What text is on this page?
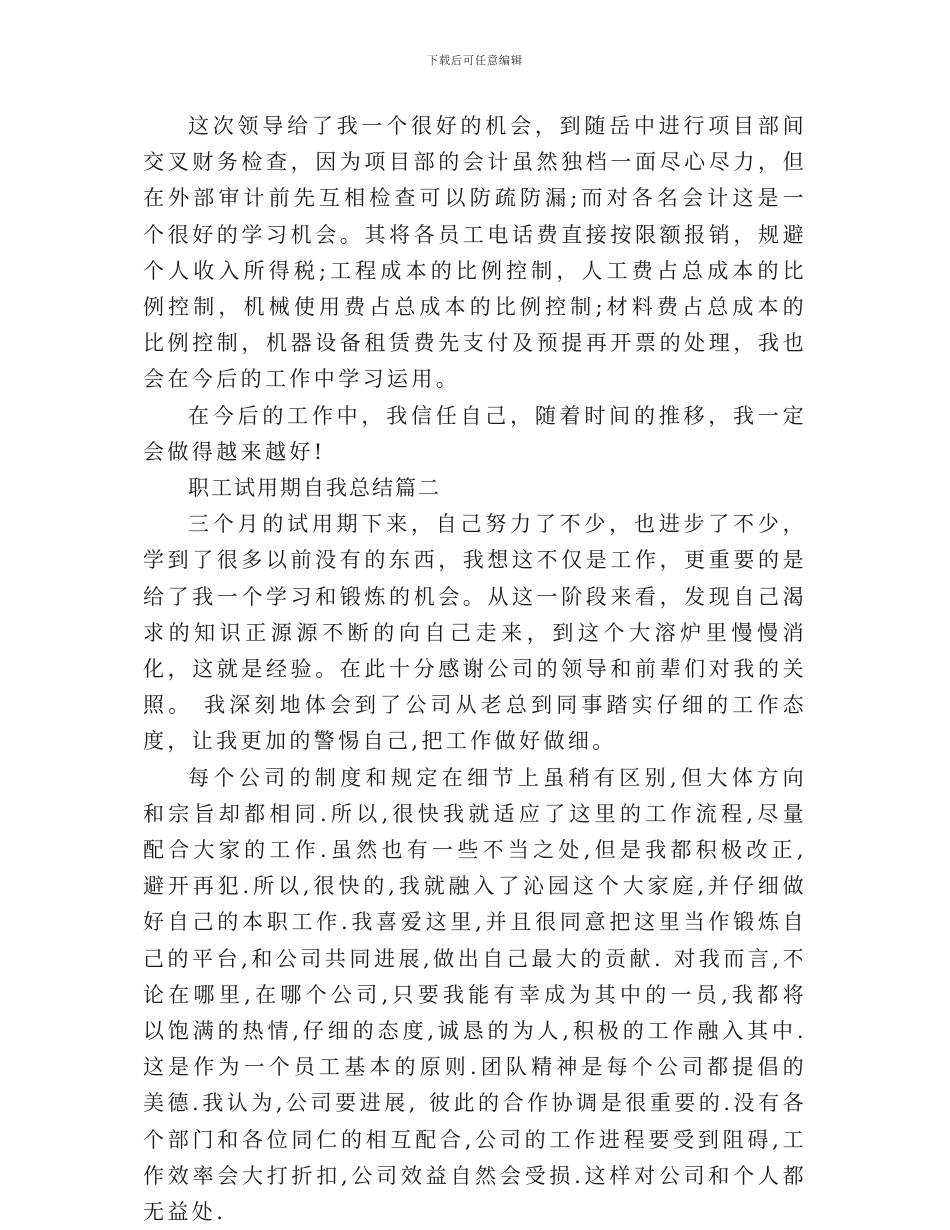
下载后可任意编辑

这次领导给了我一个很好的机会，到随岳中进行项目部间交叉财务检查，因为项目部的会计虽然独档一面尽心尽力，但在外部审计前先互相检查可以防疏防漏;而对各名会计这是一个很好的学习机会。其将各员工电话费直接按限额报销，规避个人收入所得税;工程成本的比例控制，人工费占总成本的比例控制，机械使用费占总成本的比例控制;材料费占总成本的比例控制，机器设备租赁费先支付及预提再开票的处理，我也会在今后的工作中学习运用。

在今后的工作中，我信任自己，随着时间的推移，我一定会做得越来越好!

职工试用期自我总结篇二

三个月的试用期下来，自己努力了不少，也进步了不少，学到了很多以前没有的东西，我想这不仅是工作，更重要的是给了我一个学习和锻炼的机会。从这一阶段来看，发现自己渴求的知识正源源不断的向自己走来，到这个大溶炉里慢慢消化，这就是经验。在此十分感谢公司的领导和前辈们对我的关照。 我深刻地体会到了公司从老总到同事踏实仔细的工作态度，让我更加的警惕自己,把工作做好做细。

每个公司的制度和规定在细节上虽稍有区别,但大体方向和宗旨却都相同.所以,很快我就适应了这里的工作流程,尽量配合大家的工作.虽然也有一些不当之处,但是我都积极改正,避开再犯.所以,很快的,我就融入了沁园这个大家庭,并仔细做好自己的本职工作.我喜爱这里,并且很同意把这里当作锻炼自己的平台,和公司共同进展,做出自己最大的贡献. 对我而言,不论在哪里,在哪个公司,只要我能有幸成为其中的一员,我都将以饱满的热情,仔细的态度,诚恳的为人,积极的工作融入其中.这是作为一个员工基本的原则.团队精神是每个公司都提倡的美德.我认为,公司要进展, 彼此的合作协调是很重要的.没有各个部门和各位同仁的相互配合,公司的工作进程要受到阻碍,工作效率会大打折扣,公司效益自然会受损.这样对公司和个人都无益处.
